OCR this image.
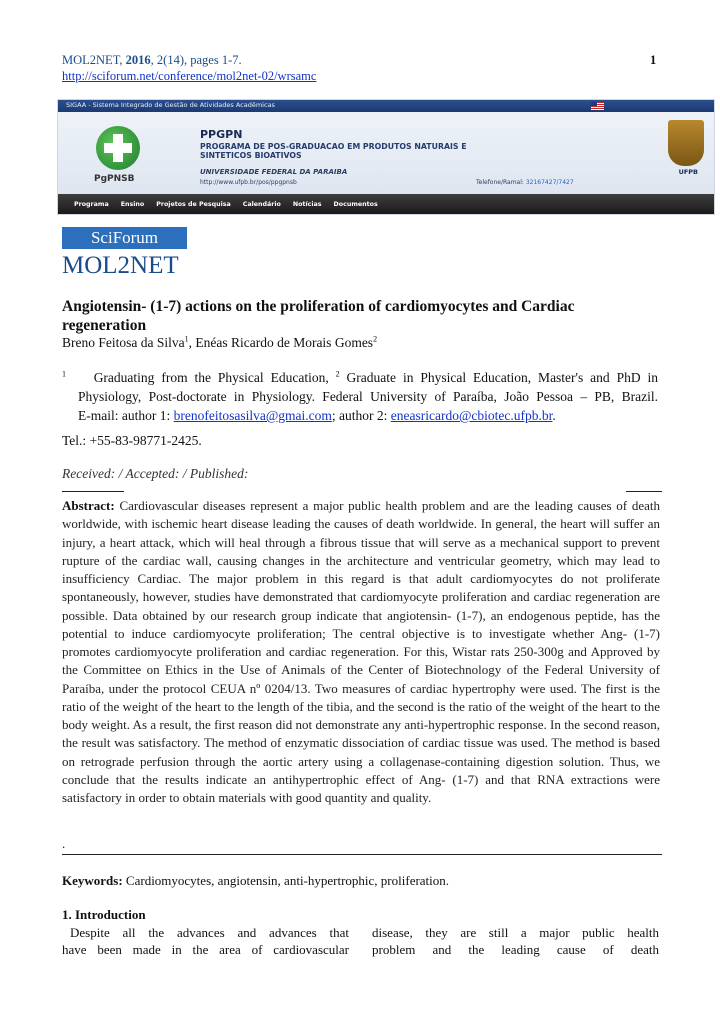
MOL2NET, 2016, 2(14), pages 1-7.	1
http://sciforum.net/conference/mol2net-02/wrsamc
SIGAA - Sistema Integrado de Gestão de Atividades Acadêmicas
PgPNSB
PPGPN
PROGRAMA DE POS-GRADUACAO EM PRODUTOS NATURAIS E SINTETICOS BIOATIVOS
UNIVERSIDADE FEDERAL DA PARAIBA
http://www.ufpb.br/pos/ppgpnsb	Telefone/Ramal: 32167427/7427
UFPB
Programa Ensino Projetos de Pesquisa Calendário Notícias Documentos
SciForum
MOL2NET
Angiotensin- (1-7) actions on the proliferation of cardiomyocytes and Cardiac regeneration
Breno Feitosa da Silva$^1$, Enéas Ricardo de Morais Gomes$^2$
$^1$ Graduating from the Physical Education, $^2$ Graduate in Physical Education, Master's and PhD in
Physiology, Post-doctorate in Physiology. Federal University of Paraíba, João Pessoa – PB, Brazil.
E-mail: author 1: brenofeitosasilva@gmai.com; author 2: eneasricardo@cbiotec.ufpb.br.
Tel.: +55-83-98771-2425.
Received: / Accepted: / Published:
Abstract: Cardiovascular diseases represent a major public health problem and are the leading causes of death worldwide, with ischemic heart disease leading the causes of death worldwide. In general, the heart will suffer an injury, a heart attack, which will heal through a fibrous tissue that will serve as a mechanical support to prevent rupture of the cardiac wall, causing changes in the architecture and ventricular geometry, which may lead to insufficiency Cardiac. The major problem in this regard is that adult cardiomyocytes do not proliferate spontaneously, however, studies have demonstrated that cardiomyocyte proliferation and cardiac regeneration are possible. Data obtained by our research group indicate that angiotensin- (1-7), an endogenous peptide, has the potential to induce cardiomyocyte proliferation; The central objective is to investigate whether Ang- (1-7) promotes cardiomyocyte proliferation and cardiac regeneration. For this, Wistar rats 250-300g and Approved by the Committee on Ethics in the Use of Animals of the Center of Biotechnology of the Federal University of Paraíba, under the protocol CEUA nº 0204/13. Two measures of cardiac hypertrophy were used. The first is the ratio of the weight of the heart to the length of the tibia, and the second is the ratio of the weight of the heart to the body weight. As a result, the first reason did not demonstrate any anti-hypertrophic response. In the second reason, the result was satisfactory. The method of enzymatic dissociation of cardiac tissue was used. The method is based on retrograde perfusion through the aortic artery using a collagenase-containing digestion solution. Thus, we conclude that the results indicate an antihypertrophic effect of Ang- (1-7) and that RNA extractions were satisfactory in order to obtain materials with good quantity and quality.
.
Keywords: Cardiomyocytes, angiotensin, anti-hypertrophic, proliferation.
1. Introduction
Despite all the advances and advances that
have been made in the area of cardiovascular
disease, they are still a major public health
problem and the leading cause of death
